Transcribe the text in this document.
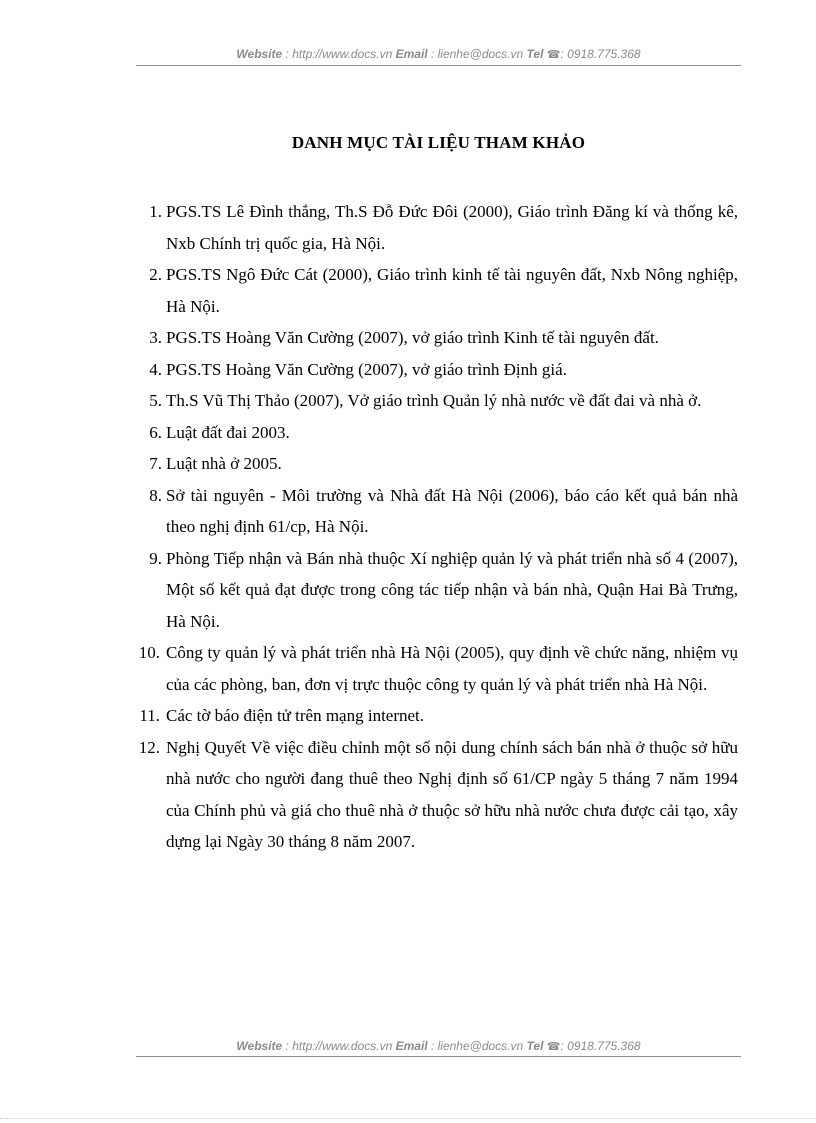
Website : http://www.docs.vn Email : lienhe@docs.vn Tel ☎: 0918.775.368
DANH MỤC TÀI LIỆU THAM KHẢO
1. PGS.TS Lê Đình thắng, Th.S Đỗ Đức Đôi (2000), Giáo trình Đăng kí và thống kê, Nxb Chính trị quốc gia, Hà Nội.
2. PGS.TS Ngô Đức Cát (2000), Giáo trình kinh tế tài nguyên đất, Nxb Nông nghiệp, Hà Nội.
3. PGS.TS Hoàng Văn Cường (2007), vở giáo trình Kinh tế tài nguyên đất.
4. PGS.TS Hoàng Văn Cường (2007), vở giáo trình Định giá.
5. Th.S Vũ Thị Thảo (2007), Vở giáo trình Quản lý nhà nước về đất đai và nhà ở.
6. Luật đất đai 2003.
7. Luật nhà ở 2005.
8. Sở tài nguyên - Môi trường và Nhà đất Hà Nội (2006), báo cáo kết quả bán nhà theo nghị định 61/cp, Hà Nội.
9. Phòng Tiếp nhận và Bán nhà thuộc Xí nghiệp quản lý và phát triển nhà số 4 (2007), Một số kết quả đạt được trong công tác tiếp nhận và bán nhà, Quận Hai Bà Trưng, Hà Nội.
10. Công ty quản lý và phát triển nhà Hà Nội (2005), quy định về chức năng, nhiệm vụ của các phòng, ban, đơn vị trực thuộc công ty quản lý và phát triển nhà Hà Nội.
11. Các tờ báo điện tử trên mạng internet.
12. Nghị Quyết Về việc điều chỉnh một số nội dung chính sách bán nhà ở thuộc sở hữu nhà nước cho người đang thuê theo Nghị định số 61/CP ngày 5 tháng 7 năm 1994 của Chính phủ và giá cho thuê nhà ở thuộc sở hữu nhà nước chưa được cải tạo, xây dựng lại Ngày 30 tháng 8 năm 2007.
Website : http://www.docs.vn Email : lienhe@docs.vn Tel ☎: 0918.775.368
